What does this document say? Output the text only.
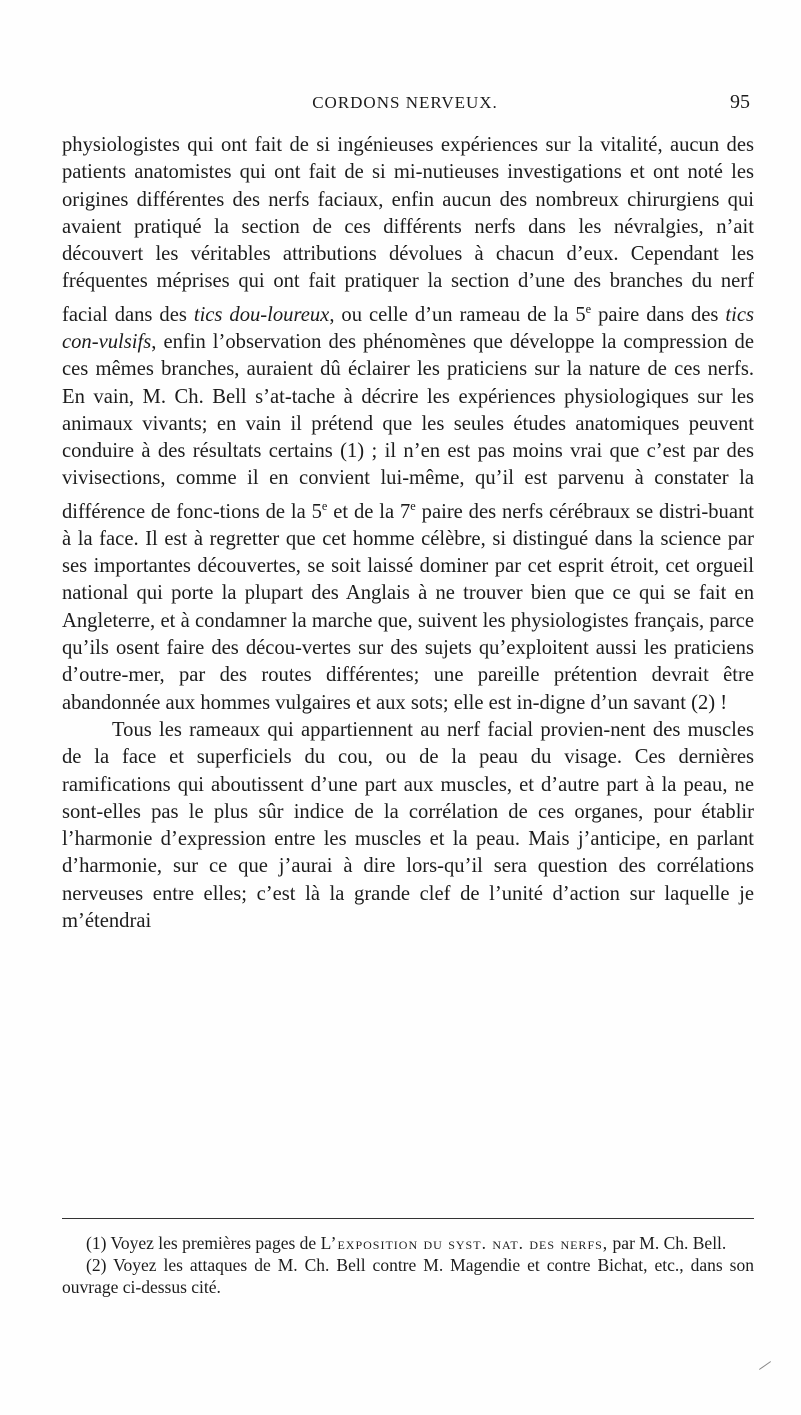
CORDONS NERVEUX.	95

physiologistes qui ont fait de si ingénieuses expériences sur la vitalité, aucun des patients anatomistes qui ont fait de si mi-nutieuses investigations et ont noté les origines différentes des nerfs faciaux, enfin aucun des nombreux chirurgiens qui avaient pratiqué la section de ces différents nerfs dans les névralgies, n’ait découvert les véritables attributions dévolues à chacun d’eux. Cependant les fréquentes méprises qui ont fait pratiquer la section d’une des branches du nerf facial dans des tics dou-loureux, ou celle d’un rameau de la 5e paire dans des tics con-vulsifs, enfin l’observation des phénomènes que développe la compression de ces mêmes branches, auraient dû éclairer les praticiens sur la nature de ces nerfs. En vain, M. Ch. Bell s’at-tache à décrire les expériences physiologiques sur les animaux vivants; en vain il prétend que les seules études anatomiques peuvent conduire à des résultats certains (1) ; il n’en est pas moins vrai que c’est par des vivisections, comme il en convient lui-même, qu’il est parvenu à constater la différence de fonc-tions de la 5e et de la 7e paire des nerfs cérébraux se distri-buant à la face. Il est à regretter que cet homme célèbre, si distingué dans la science par ses importantes découvertes, se soit laissé dominer par cet esprit étroit, cet orgueil national qui porte la plupart des Anglais à ne trouver bien que ce qui se fait en Angleterre, et à condamner la marche que, suivent les physiologistes français, parce qu’ils osent faire des décou-vertes sur des sujets qu’exploitent aussi les praticiens d’outre-mer, par des routes différentes; une pareille prétention devrait être abandonnée aux hommes vulgaires et aux sots; elle est in-digne d’un savant (2) !

Tous les rameaux qui appartiennent au nerf facial provien-nent des muscles de la face et superficiels du cou, ou de la peau du visage. Ces dernières ramifications qui aboutissent d’une part aux muscles, et d’autre part à la peau, ne sont-elles pas le plus sûr indice de la corrélation de ces organes, pour établir l’harmonie d’expression entre les muscles et la peau. Mais j’anticipe, en parlant d’harmonie, sur ce que j’aurai à dire lors-qu’il sera question des corrélations nerveuses entre elles; c’est là la grande clef de l’unité d’action sur laquelle je m’étendrai

(1) Voyez les premières pages de L’exposition du syst. nat. des nerfs, par M. Ch. Bell.

(2) Voyez les attaques de M. Ch. Bell contre M. Magendie et contre Bichat, etc., dans son ouvrage ci-dessus cité.
